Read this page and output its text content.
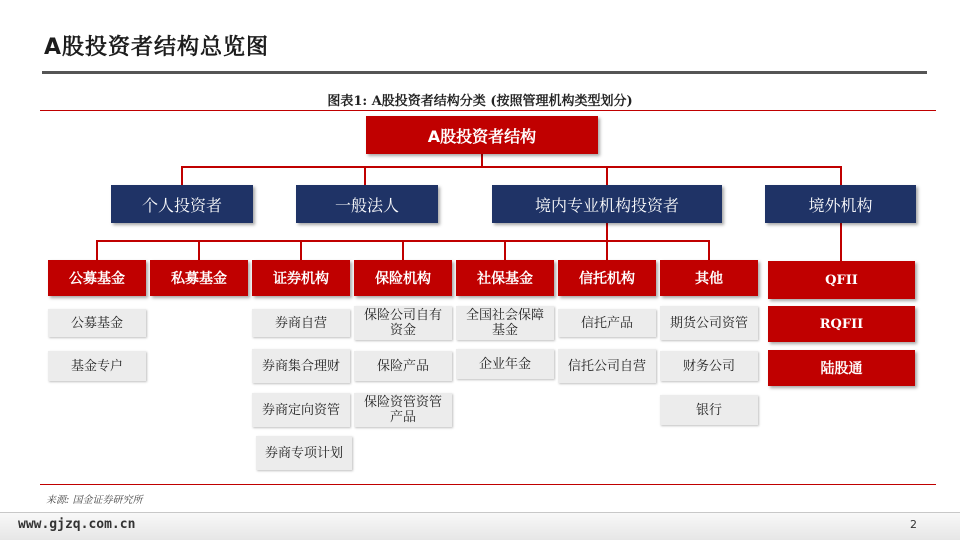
A股投资者结构总览图
图表1: A股投资者结构分类 (按照管理机构类型划分)
A股投资者结构
个人投资者	一般法人	境内专业机构投资者	境外机构
公募基金	私募基金	证券机构	保险机构	社保基金	信托机构	其他
公募基金
基金专户
券商自营
券商集合理财
券商定向资管
券商专项计划
保险公司自有资金
保险产品
保险资管资管产品
全国社会保障基金
企业年金
信托产品
信托公司自营
期货公司资管
财务公司
银行
QFII
RQFII
陆股通
来源: 国金证券研究所
www.gjzq.com.cn	2
